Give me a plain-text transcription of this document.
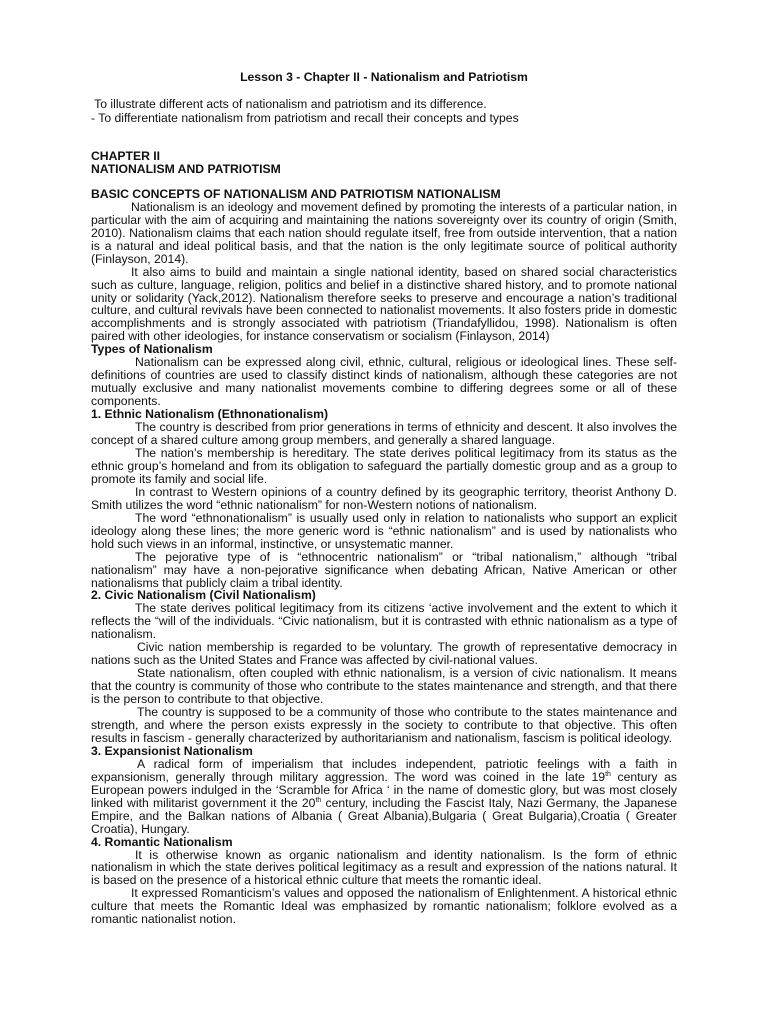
Lesson 3 - Chapter II - Nationalism and Patriotism
To illustrate different acts of nationalism and patriotism and its difference.
- To differentiate nationalism from patriotism and recall their concepts and types

CHAPTER II

NATIONALISM AND PATRIOTISM

BASIC CONCEPTS OF NATIONALISM AND PATRIOTISM NATIONALISM

Nationalism is an ideology and movement defined by promoting the interests of a particular nation, in particular with the aim of acquiring and maintaining the nations sovereignty over its country of origin (Smith, 2010). Nationalism claims that each nation should regulate itself, free from outside intervention, that a nation is a natural and ideal political basis, and that the nation is the only legitimate source of political authority (Finlayson, 2014).

It also aims to build and maintain a single national identity, based on shared social characteristics such as culture, language, religion, politics and belief in a distinctive shared history, and to promote national unity or solidarity (Yack,2012). Nationalism therefore seeks to preserve and encourage a nation’s traditional culture, and cultural revivals have been connected to nationalist movements. It also fosters pride in domestic accomplishments and is strongly associated with patriotism (Triandafyllidou, 1998). Nationalism is often paired with other ideologies, for instance conservatism or socialism (Finlayson, 2014)

Types of Nationalism

Nationalism can be expressed along civil, ethnic, cultural, religious or ideological lines. These self-definitions of countries are used to classify distinct kinds of nationalism, although these categories are not mutually exclusive and many nationalist movements combine to differing degrees some or all of these components.

1. Ethnic Nationalism (Ethnonationalism)

The country is described from prior generations in terms of ethnicity and descent. It also involves the concept of a shared culture among group members, and generally a shared language.

The nation’s membership is hereditary. The state derives political legitimacy from its status as the ethnic group’s homeland and from its obligation to safeguard the partially domestic group and as a group to promote its family and social life.

In contrast to Western opinions of a country defined by its geographic territory, theorist Anthony D. Smith utilizes the word “ethnic nationalism” for non-Western notions of nationalism.

The word “ethnonationalism” is usually used only in relation to nationalists who support an explicit ideology along these lines; the more generic word is “ethnic nationalism” and is used by nationalists who hold such views in an informal, instinctive, or unsystematic manner.

The pejorative type of is “ethnocentric nationalism” or “tribal nationalism,” although “tribal nationalism” may have a non-pejorative significance when debating African, Native American or other nationalisms that publicly claim a tribal identity.

2. Civic Nationalism (Civil Nationalism)

The state derives political legitimacy from its citizens ‘active involvement and the extent to which it reflects the “will of the individuals. “Civic nationalism, but it is contrasted with ethnic nationalism as a type of nationalism.

Civic nation membership is regarded to be voluntary. The growth of representative democracy in nations such as the United States and France was affected by civil-national values.

State nationalism, often coupled with ethnic nationalism, is a version of civic nationalism. It means that the country is community of those who contribute to the states maintenance and strength, and that there is the person to contribute to that objective.

The country is supposed to be a community of those who contribute to the states maintenance and strength, and where the person exists expressly in the society to contribute to that objective. This often results in fascism - generally characterized by authoritarianism and nationalism, fascism is political ideology.

3. Expansionist Nationalism

A radical form of imperialism that includes independent, patriotic feelings with a faith in expansionism, generally through military aggression. The word was coined in the late 19th century as European powers indulged in the ‘Scramble for Africa ‘ in the name of domestic glory, but was most closely linked with militarist government it the 20th century, including the Fascist Italy, Nazi Germany, the Japanese Empire, and the Balkan nations of Albania ( Great Albania),Bulgaria ( Great Bulgaria),Croatia ( Greater Croatia), Hungary.

4. Romantic Nationalism

It is otherwise known as organic nationalism and identity nationalism. Is the form of ethnic nationalism in which the state derives political legitimacy as a result and expression of the nations natural. It is based on the presence of a historical ethnic culture that meets the romantic ideal.

It expressed Romanticism’s values and opposed the nationalism of Enlightenment. A historical ethnic culture that meets the Romantic Ideal was emphasized by romantic nationalism; folklore evolved as a romantic nationalist notion.
